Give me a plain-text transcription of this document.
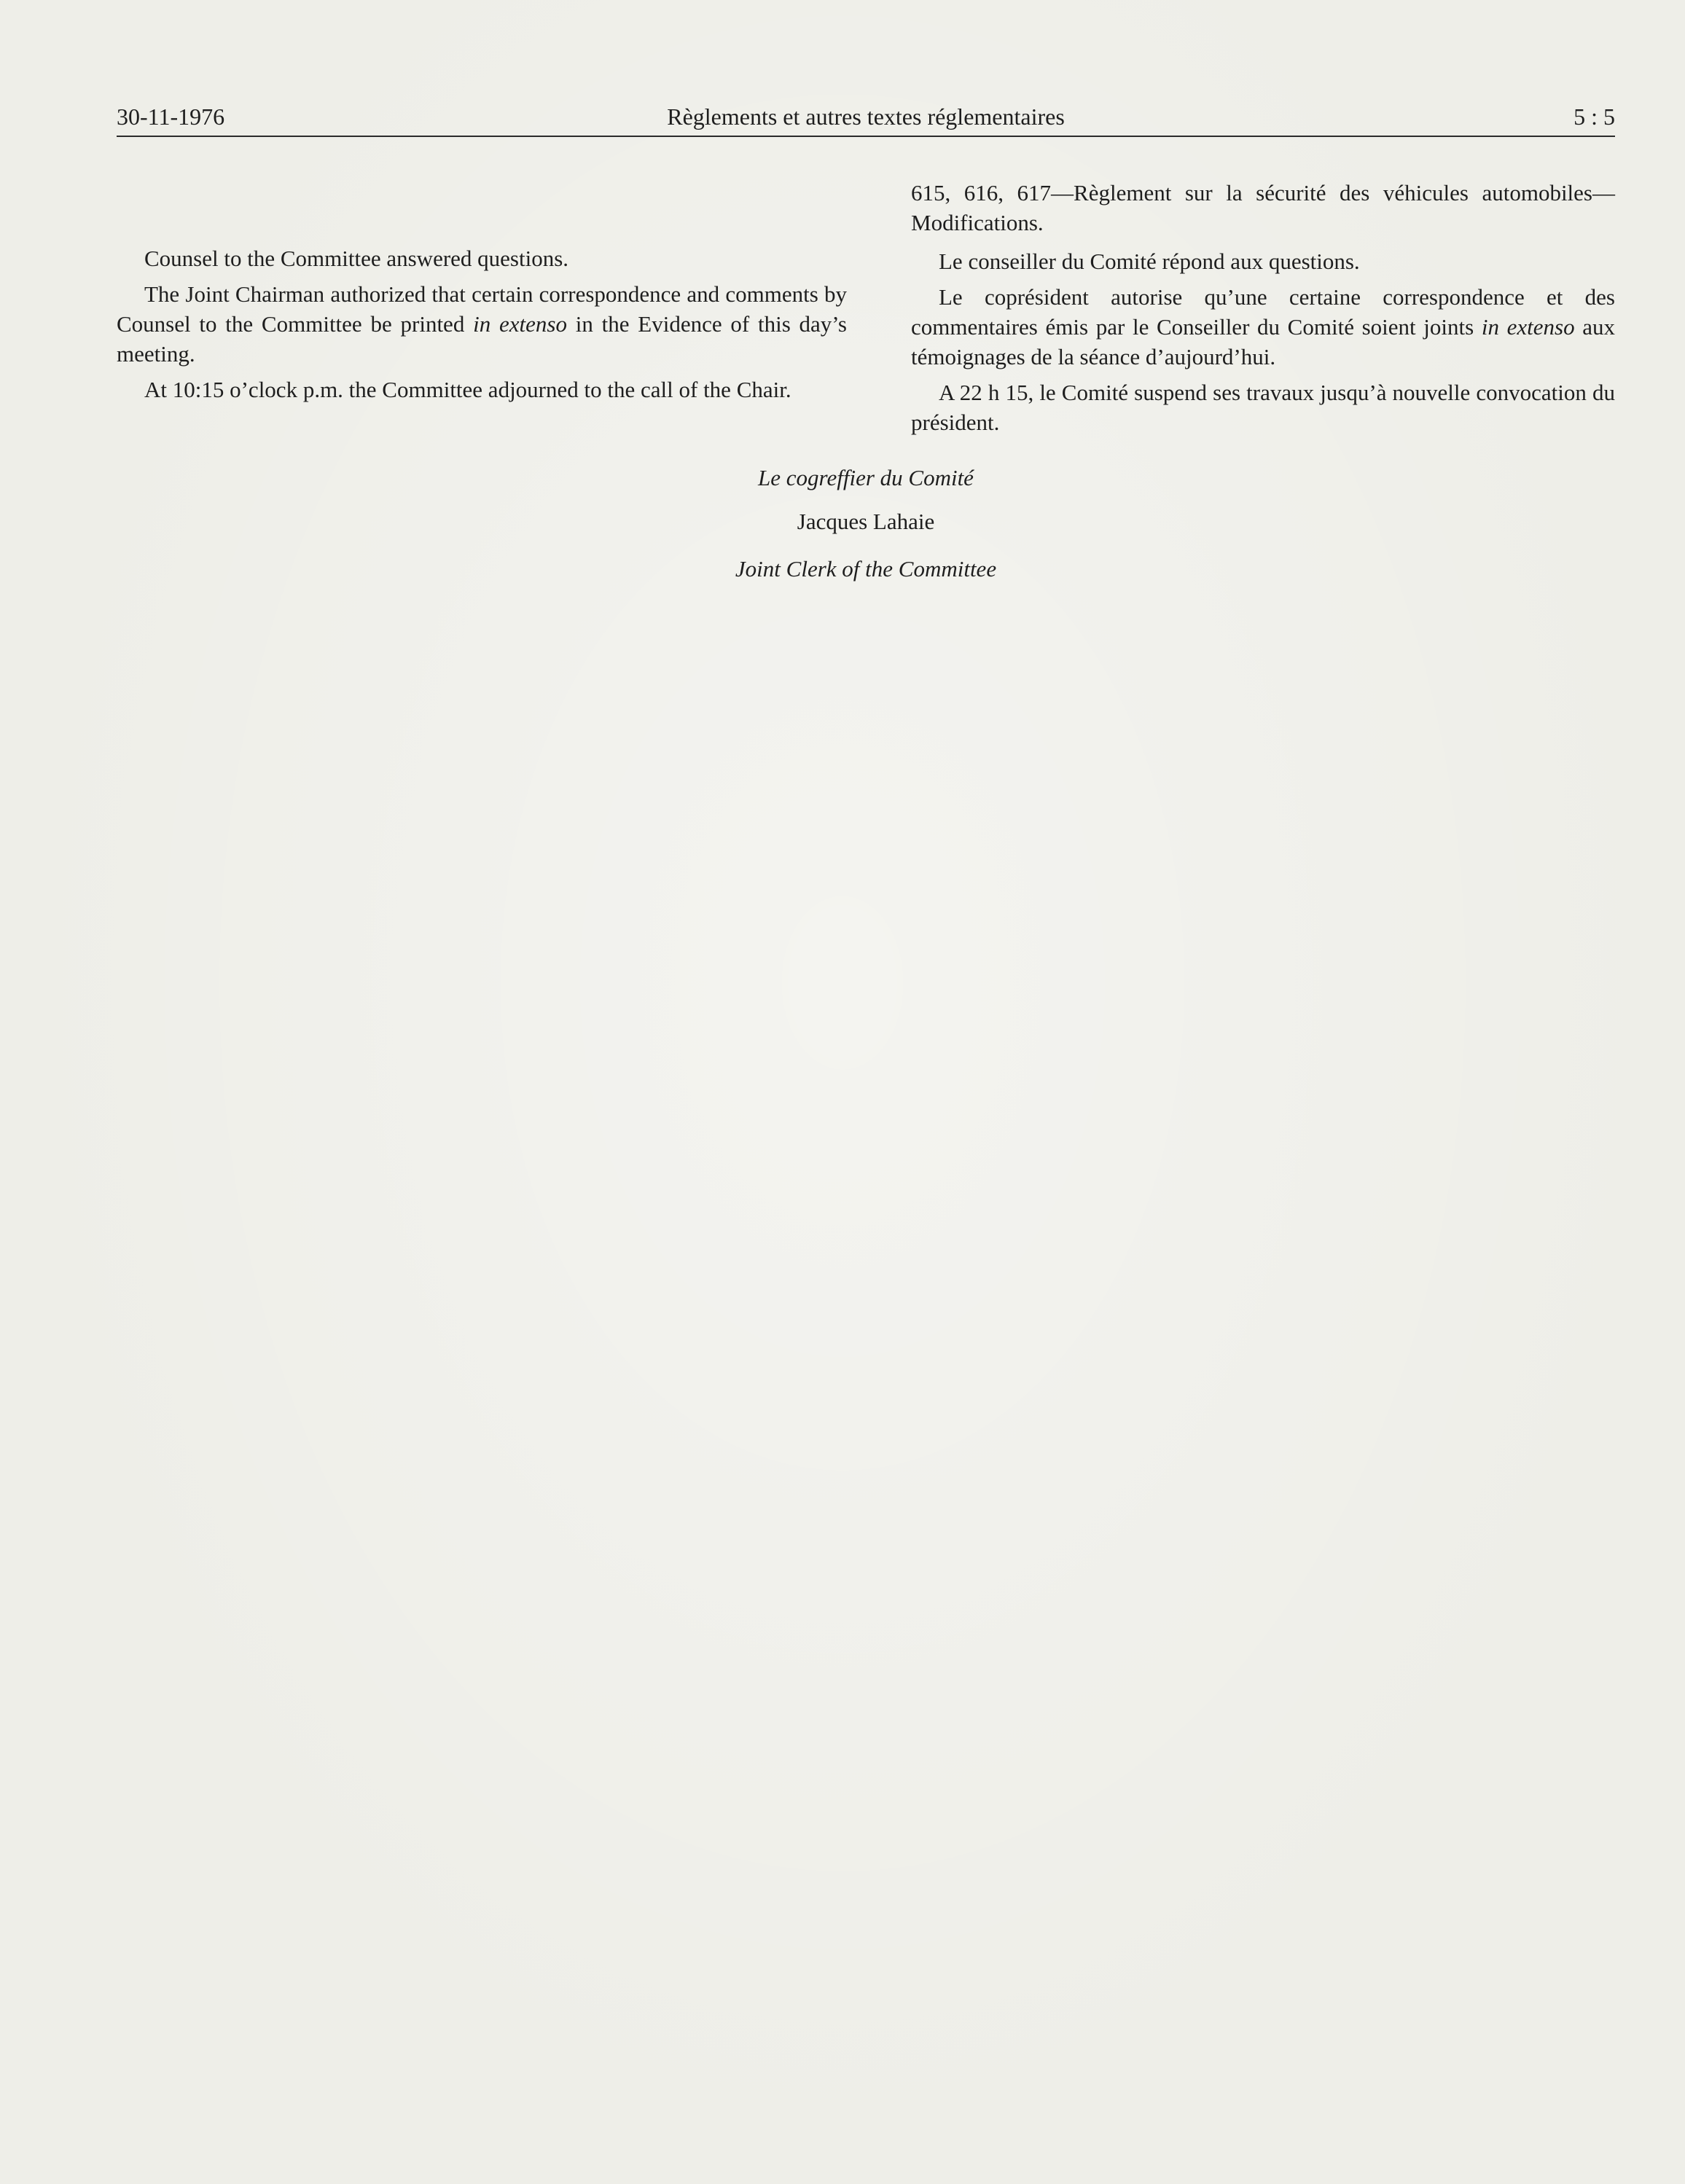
30-11-1976	Règlements et autres textes réglementaires	5 : 5

Counsel to the Committee answered questions.

The Joint Chairman authorized that certain correspondence and comments by Counsel to the Committee be printed in extenso in the Evidence of this day’s meeting.

At 10:15 o’clock p.m. the Committee adjourned to the call of the Chair.

615, 616, 617—Règlement sur la sécurité des véhicules automobiles—Modifications.

Le conseiller du Comité répond aux questions.

Le coprésident autorise qu’une certaine correspondence et des commentaires émis par le Conseiller du Comité soient joints in extenso aux témoignages de la séance d’aujourd’hui.

A 22 h 15, le Comité suspend ses travaux jusqu’à nouvelle convocation du président.

Le cogreffier du Comité
Jacques Lahaie
Joint Clerk of the Committee
